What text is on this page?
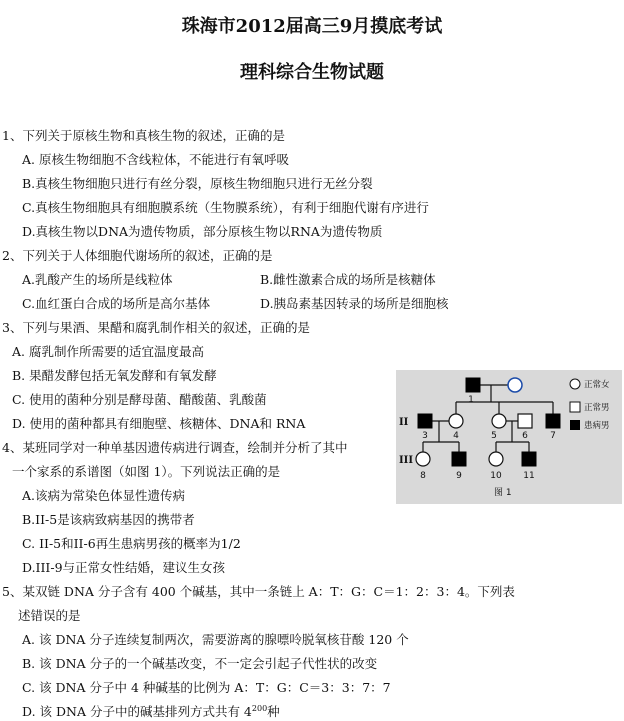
珠海市2012届高三9月摸底考试
理科综合生物试题
1、下列关于原核生物和真核生物的叙述，正确的是
A. 原核生物细胞不含线粒体，不能进行有氧呼吸
B.真核生物细胞只进行有丝分裂，原核生物细胞只进行无丝分裂
C.真核生物细胞具有细胞膜系统（生物膜系统），有利于细胞代谢有序进行
D.真核生物以DNA为遗传物质，部分原核生物以RNA为遗传物质
2、下列关于人体细胞代谢场所的叙述，正确的是
A.乳酸产生的场所是线粒体	B.雌性激素合成的场所是核糖体
C.血红蛋白合成的场所是高尔基体	D.胰岛素基因转录的场所是细胞核
3、下列与果酒、果醋和腐乳制作相关的叙述，正确的是
A. 腐乳制作所需要的适宜温度最高
B. 果醋发酵包括无氧发酵和有氧发酵
C. 使用的菌种分别是酵母菌、醋酸菌、乳酸菌
D. 使用的菌种都具有细胞壁、核糖体、DNA和 RNA
4、某班同学对一种单基因遗传病进行调查，绘制并分析了其中
一个家系的系谱图（如图 1）。下列说法正确的是
A.该病为常染色体显性遗传病
B.II-5是该病致病基因的携带者
C. II-5和II-6再生患病男孩的概率为1/2
D.III-9与正常女性结婚，建议生女孩
5、某双链 DNA 分子含有 400 个碱基，其中一条链上 A：T：G：C＝1：2：3：4。下列表
述错误的是
A. 该 DNA 分子连续复制两次，需要游离的腺嘌呤脱氧核苷酸 120 个
B. 该 DNA 分子的一个碱基改变，不一定会引起子代性状的改变
C. 该 DNA 分子中 4 种碱基的比例为 A：T：G：C＝3：3：7：7
D. 该 DNA 分子中的碱基排列方式共有 $4^{200}$种
1
3	4	5	6 7
8	9	10 11
II
III
正常女
正常男
患病男
图 1
